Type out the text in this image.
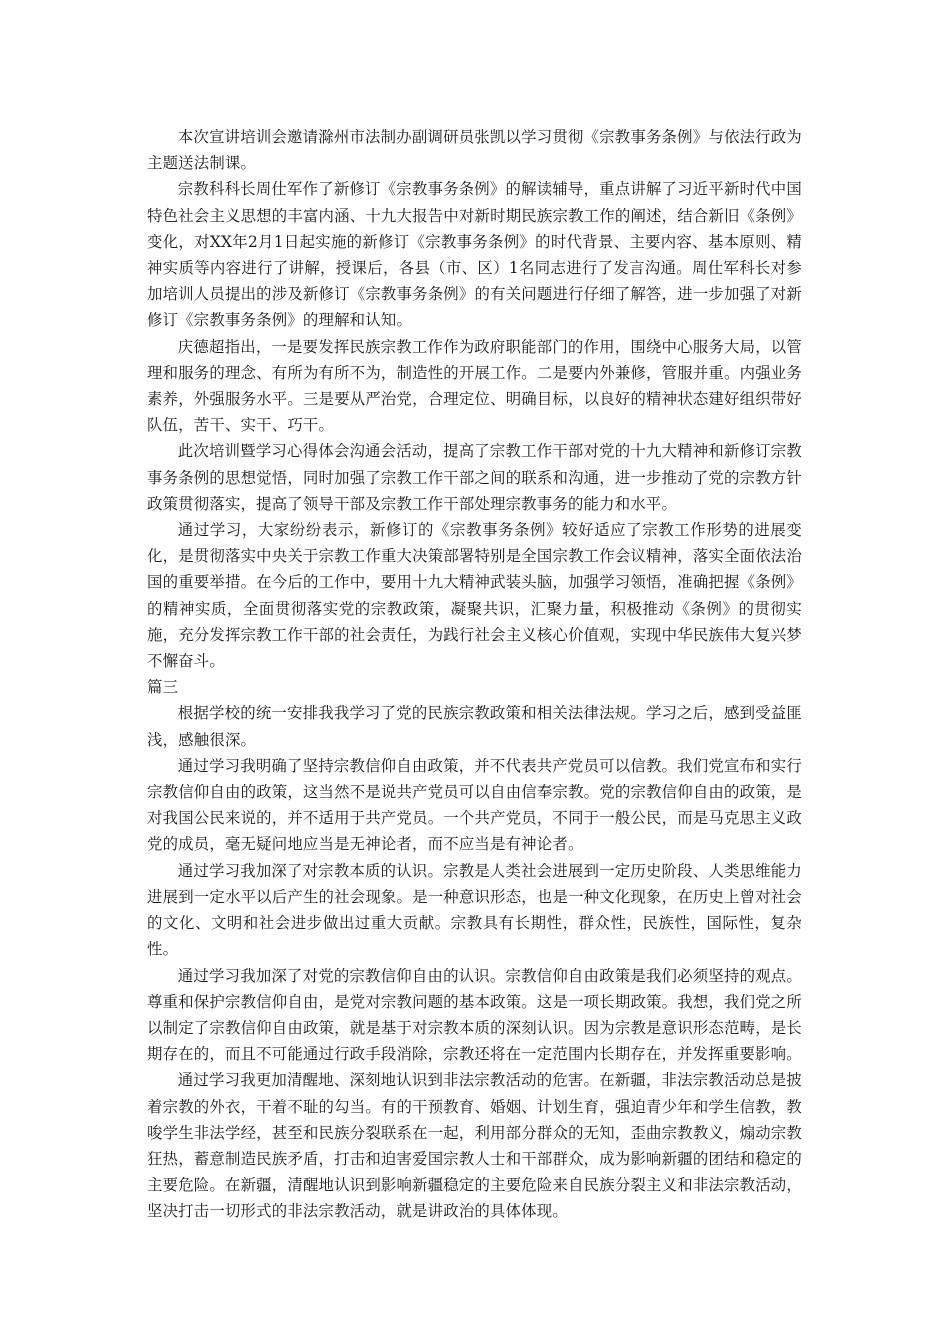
本次宣讲培训会邀请滁州市法制办副调研员张凯以学习贯彻《宗教事务条例》与依法行政为主题送法制课。

宗教科科长周仕军作了新修订《宗教事务条例》的解读辅导，重点讲解了习近平新时代中国特色社会主义思想的丰富内涵、十九大报告中对新时期民族宗教工作的阐述，结合新旧《条例》变化，对XX年2月1日起实施的新修订《宗教事务条例》的时代背景、主要内容、基本原则、精神实质等内容进行了讲解，授课后，各县（市、区）1名同志进行了发言沟通。周仕军科长对参加培训人员提出的涉及新修订《宗教事务条例》的有关问题进行仔细了解答，进一步加强了对新修订《宗教事务条例》的理解和认知。

庆德超指出，一是要发挥民族宗教工作作为政府职能部门的作用，围绕中心服务大局，以管理和服务的理念、有所为有所不为，制造性的开展工作。二是要内外兼修，管服并重。内强业务素养，外强服务水平。三是要从严治党，合理定位、明确目标，以良好的精神状态建好组织带好队伍，苦干、实干、巧干。

此次培训暨学习心得体会沟通会活动，提高了宗教工作干部对党的十九大精神和新修订宗教事务条例的思想觉悟，同时加强了宗教工作干部之间的联系和沟通，进一步推动了党的宗教方针政策贯彻落实，提高了领导干部及宗教工作干部处理宗教事务的能力和水平。

通过学习，大家纷纷表示，新修订的《宗教事务条例》较好适应了宗教工作形势的进展变化，是贯彻落实中央关于宗教工作重大决策部署特别是全国宗教工作会议精神，落实全面依法治国的重要举措。在今后的工作中，要用十九大精神武装头脑，加强学习领悟，准确把握《条例》的精神实质，全面贯彻落实党的宗教政策，凝聚共识，汇聚力量，积极推动《条例》的贯彻实施，充分发挥宗教工作干部的社会责任，为践行社会主义核心价值观，实现中华民族伟大复兴梦不懈奋斗。

篇三

根据学校的统一安排我我学习了党的民族宗教政策和相关法律法规。学习之后，感到受益匪浅，感触很深。

通过学习我明确了坚持宗教信仰自由政策，并不代表共产党员可以信教。我们党宣布和实行宗教信仰自由的政策，这当然不是说共产党员可以自由信奉宗教。党的宗教信仰自由的政策，是对我国公民来说的，并不适用于共产党员。一个共产党员，不同于一般公民，而是马克思主义政党的成员，毫无疑问地应当是无神论者，而不应当是有神论者。

通过学习我加深了对宗教本质的认识。宗教是人类社会进展到一定历史阶段、人类思维能力进展到一定水平以后产生的社会现象。是一种意识形态，也是一种文化现象，在历史上曾对社会的文化、文明和社会进步做出过重大贡献。宗教具有长期性，群众性，民族性，国际性，复杂性。

通过学习我加深了对党的宗教信仰自由的认识。宗教信仰自由政策是我们必须坚持的观点。尊重和保护宗教信仰自由，是党对宗教问题的基本政策。这是一项长期政策。我想，我们党之所以制定了宗教信仰自由政策，就是基于对宗教本质的深刻认识。因为宗教是意识形态范畴，是长期存在的，而且不可能通过行政手段消除，宗教还将在一定范围内长期存在，并发挥重要影响。

通过学习我更加清醒地、深刻地认识到非法宗教活动的危害。在新疆，非法宗教活动总是披着宗教的外衣，干着不耻的勾当。有的干预教育、婚姻、计划生育，强迫青少年和学生信教，教唆学生非法学经，甚至和民族分裂联系在一起，利用部分群众的无知，歪曲宗教教义，煽动宗教狂热，蓄意制造民族矛盾，打击和迫害爱国宗教人士和干部群众，成为影响新疆的团结和稳定的主要危险。在新疆，清醒地认识到影响新疆稳定的主要危险来自民族分裂主义和非法宗教活动，坚决打击一切形式的非法宗教活动，就是讲政治的具体体现。
